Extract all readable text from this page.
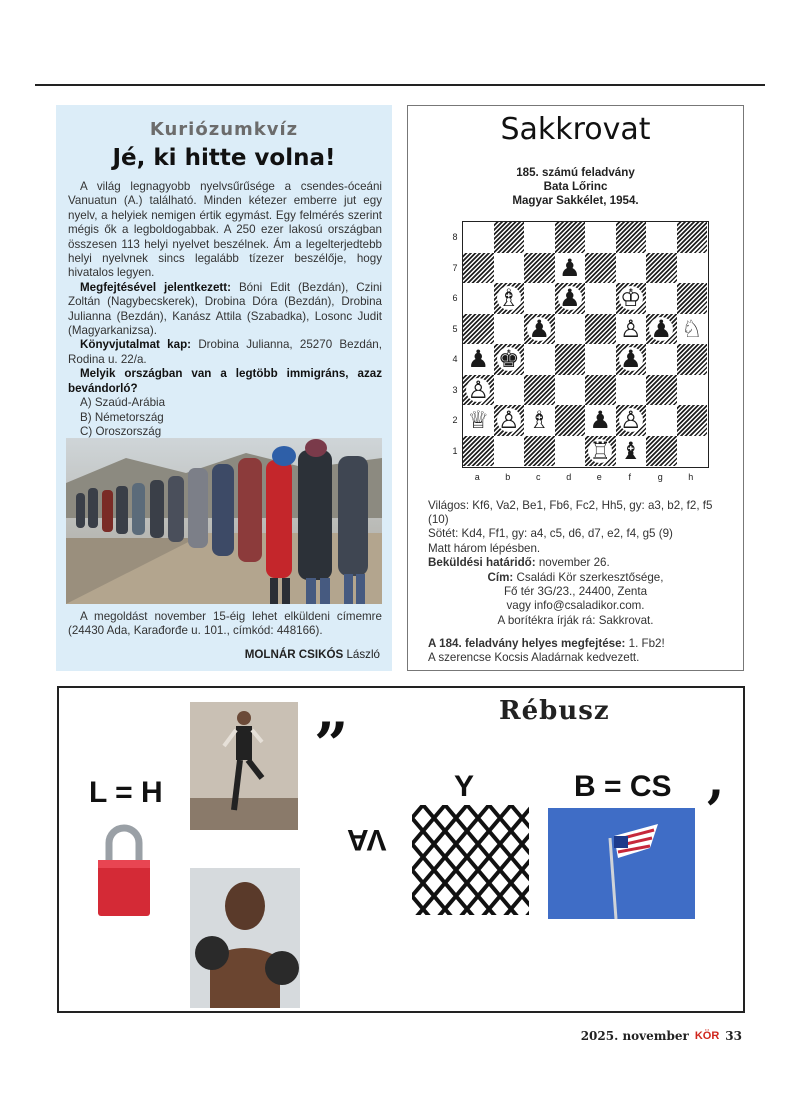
Kuriózumkvíz
Jé, ki hitte volna!

A világ legnagyobb nyelvsűrűsége a csendes-óceáni Vanuatun (A.) található. Minden kétezer emberre jut egy nyelv, a helyiek nemigen értik egymást. Egy felmérés szerint mégis ők a legboldogabbak. A 250 ezer lakosú országban összesen 113 helyi nyelvet beszélnek. Ám a legelterjedtebb helyi nyelvnek sincs legalább tízezer beszélője, hogy hivatalos legyen.

Megfejtésével jelentkezett: Bóni Edit (Bezdán), Czini Zoltán (Nagybecskerek), Drobina Dóra (Bezdán), Drobina Julianna (Bezdán), Kanász Attila (Szabadka), Losonc Judit (Magyarkanizsa).

Könyvjutalmat kap: Drobina Julianna, 25270 Bezdán, Rodina u. 22/a.

Melyik országban van a legtöbb immigráns, azaz bevándorló?

A) Szaúd-Arábia
B) Németország
C) Oroszország

A megoldást november 15-éig lehet elküldeni címemre (24430 Ada, Karađorđe u. 101., címkód: 448166).

MOLNÁR CSIKÓS László
Sakkrovat
185. számú feladvány
Bata Lőrinc
Magyar Sakkélet, 1954.
♟
♗ ♟ ♔
♟	♙ ♟ ♘
♟ ♚	♟
♙
♕ ♙ ♗ ♟ ♙
♖ ♝

Világos: Kf6, Va2, Be1, Fb6, Fc2, Hh5, gy: a3, b2, f2, f5 (10)

Sötét: Kd4, Ff1, gy: a4, c5, d6, d7, e2, f4, g5 (9)

Matt három lépésben.

Beküldési határidő: november 26.

Cím: Családi Kör szerkesztősége,
Fő tér 3G/23., 24400, Zenta
vagy info@csaladikor.com.
A borítékra írják rá: Sakkrovat.

A 184. feladvány helyes megfejtése: 1. Fb2!

A szerencse Kocsis Aladárnak kedvezett.

8
7
6
5
4
3
2
1
a	b	c	d	e	f	g	h
„	Rébusz
L = H
VA
Y	B = CS ,
2025. november KÖR 33
